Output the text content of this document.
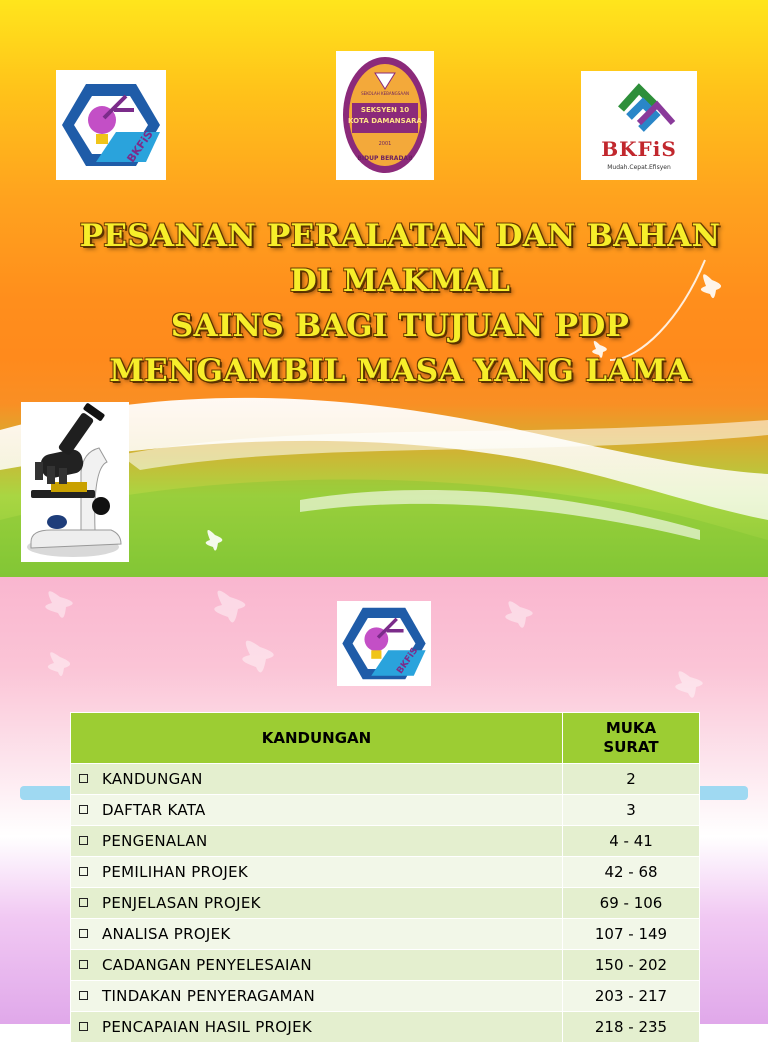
BKFiS
SEKOLAH KEBANGSAAN
SEKSYEN 10
KOTA DAMANSARA
2001
BIDUP BERADAB	BKFiS
Mudah.Cepat.Efisyen
PESANAN PERALATAN DAN BAHAN
DI MAKMAL
SAINS BAGI TUJUAN PDP
MENGAMBIL MASA YANG LAMA
BKFiS
KANDUNGAN	MUKA
SURAT
KANDUNGAN	2
DAFTAR KATA	3
PENGENALAN	4 - 41
PEMILIHAN PROJEK	42 - 68
PENJELASAN PROJEK	69 - 106
ANALISA PROJEK	107 - 149
CADANGAN PENYELESAIAN	150 - 202
TINDAKAN PENYERAGAMAN	203 - 217
PENCAPAIAN HASIL PROJEK	218 - 235
